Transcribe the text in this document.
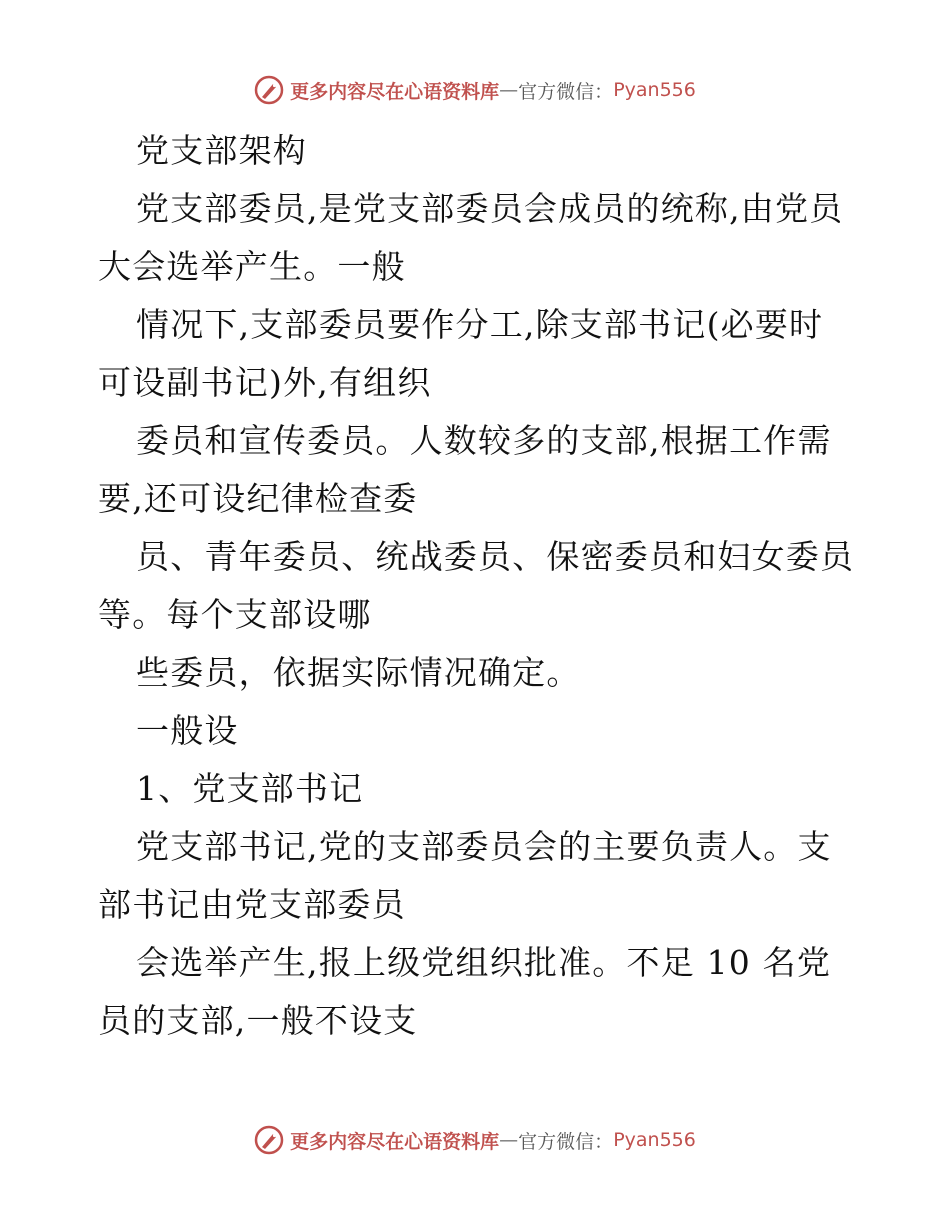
更多内容尽在心语资料库 — 官方微信： Pyan556
党支部架构
党支部委员,是党支部委员会成员的统称,由党员
大会选举产生。一般
情况下,支部委员要作分工,除支部书记(必要时
可设副书记)外,有组织
委员和宣传委员。人数较多的支部,根据工作需
要,还可设纪律检查委
员、青年委员、统战委员、保密委员和妇女委员
等。每个支部设哪
些委员，依据实际情况确定。
一般设
1、党支部书记
党支部书记,党的支部委员会的主要负责人。支
部书记由党支部委员
会选举产生,报上级党组织批准。不足 10 名党
员的支部,一般不设支
更多内容尽在心语资料库 — 官方微信： Pyan556
